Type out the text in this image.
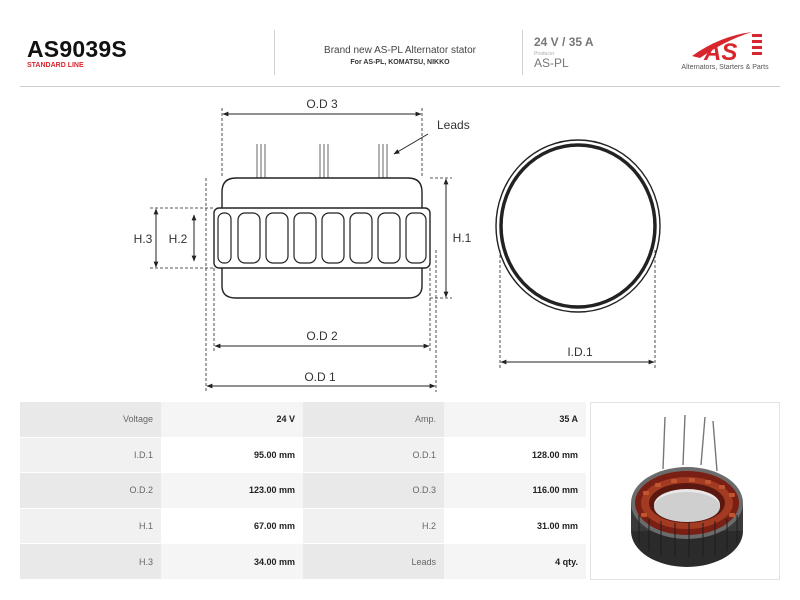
AS9039S
STANDARD LINE
Brand new AS-PL Alternator stator
For AS-PL, KOMATSU, NIKKO
24 V / 35 A
Producer
AS-PL	AS
Alternators, Starters & Parts
O.D 3
O.D 2
O.D 1
H.3 H.2	H.1
I.D.1
Leads
Voltage	24 V	Amp.	35 A
I.D.1	95.00 mm	O.D.1	128.00 mm
O.D.2	123.00 mm	O.D.3	116.00 mm
H.1	67.00 mm	H.2	31.00 mm
H.3	34.00 mm	Leads	4 qty.
